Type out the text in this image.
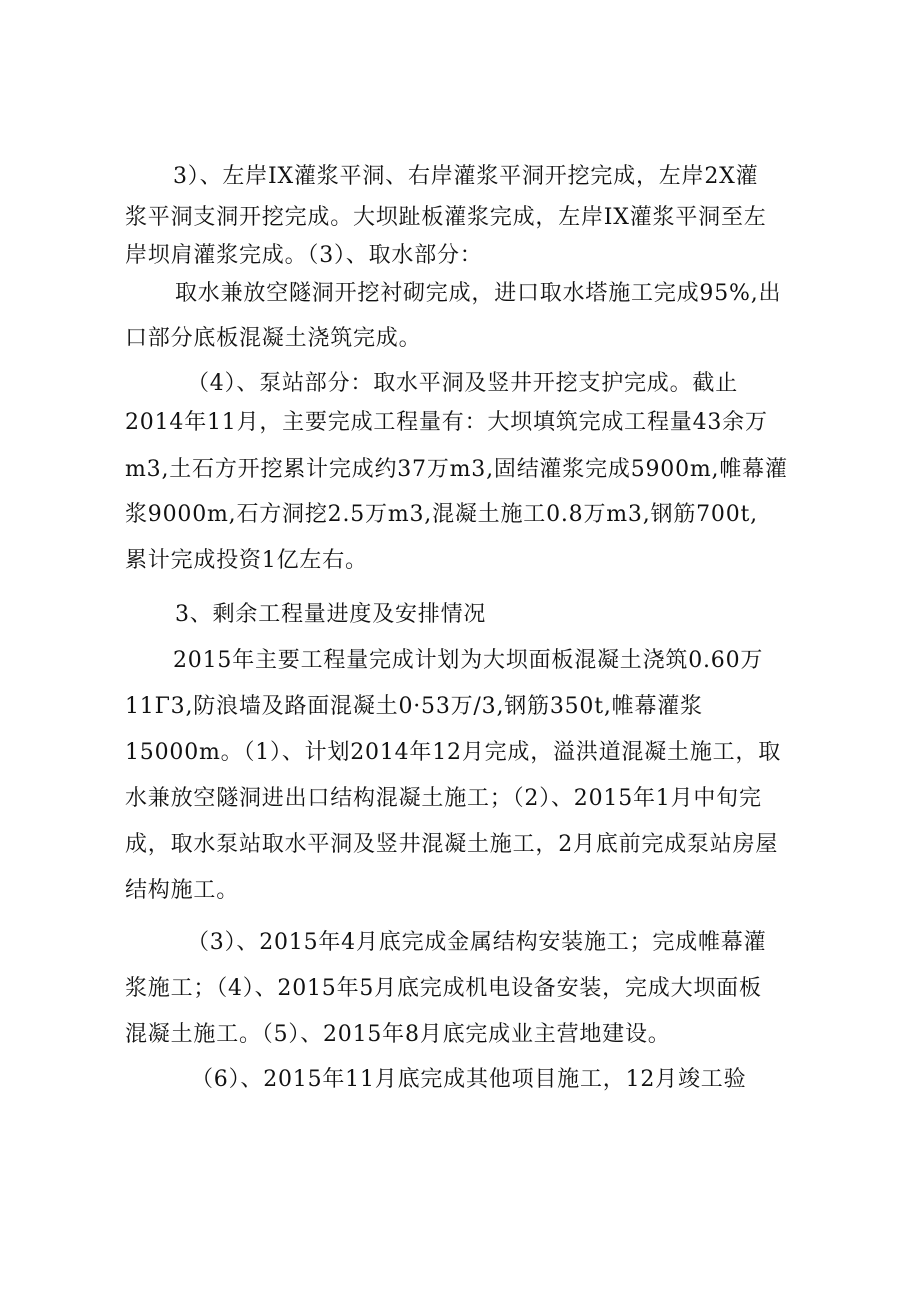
3）、左岸IX灌浆平洞、右岸灌浆平洞开挖完成，左岸2X灌
浆平洞支洞开挖完成。大坝趾板灌浆完成，左岸IX灌浆平洞至左
岸坝肩灌浆完成。（3）、取水部分：
取水兼放空隧洞开挖衬砌完成，进口取水塔施工完成95%,出
口部分底板混凝土浇筑完成。
（4）、泵站部分：取水平洞及竖井开挖支护完成。截止
2014年11月，主要完成工程量有：大坝填筑完成工程量43余万
m3,土石方开挖累计完成约37万m3,固结灌浆完成5900m,帷幕灌
浆9000m,石方洞挖2.5万m3,混凝土施工0.8万m3,钢筋700t,
累计完成投资1亿左右。
3、剩余工程量进度及安排情况
2015年主要工程量完成计划为大坝面板混凝土浇筑0.60万
11Γ3,防浪墙及路面混凝土0·53万/3,钢筋350t,帷幕灌浆
15000m。（1）、计划2014年12月完成，溢洪道混凝土施工，取
水兼放空隧洞进出口结构混凝土施工；（2）、2015年1月中旬完
成，取水泵站取水平洞及竖井混凝土施工，2月底前完成泵站房屋
结构施工。
（3）、2015年4月底完成金属结构安装施工；完成帷幕灌
浆施工；（4）、2015年5月底完成机电设备安装，完成大坝面板
混凝土施工。（5）、2015年8月底完成业主营地建设。
（6）、2015年11月底完成其他项目施工，12月竣工验
